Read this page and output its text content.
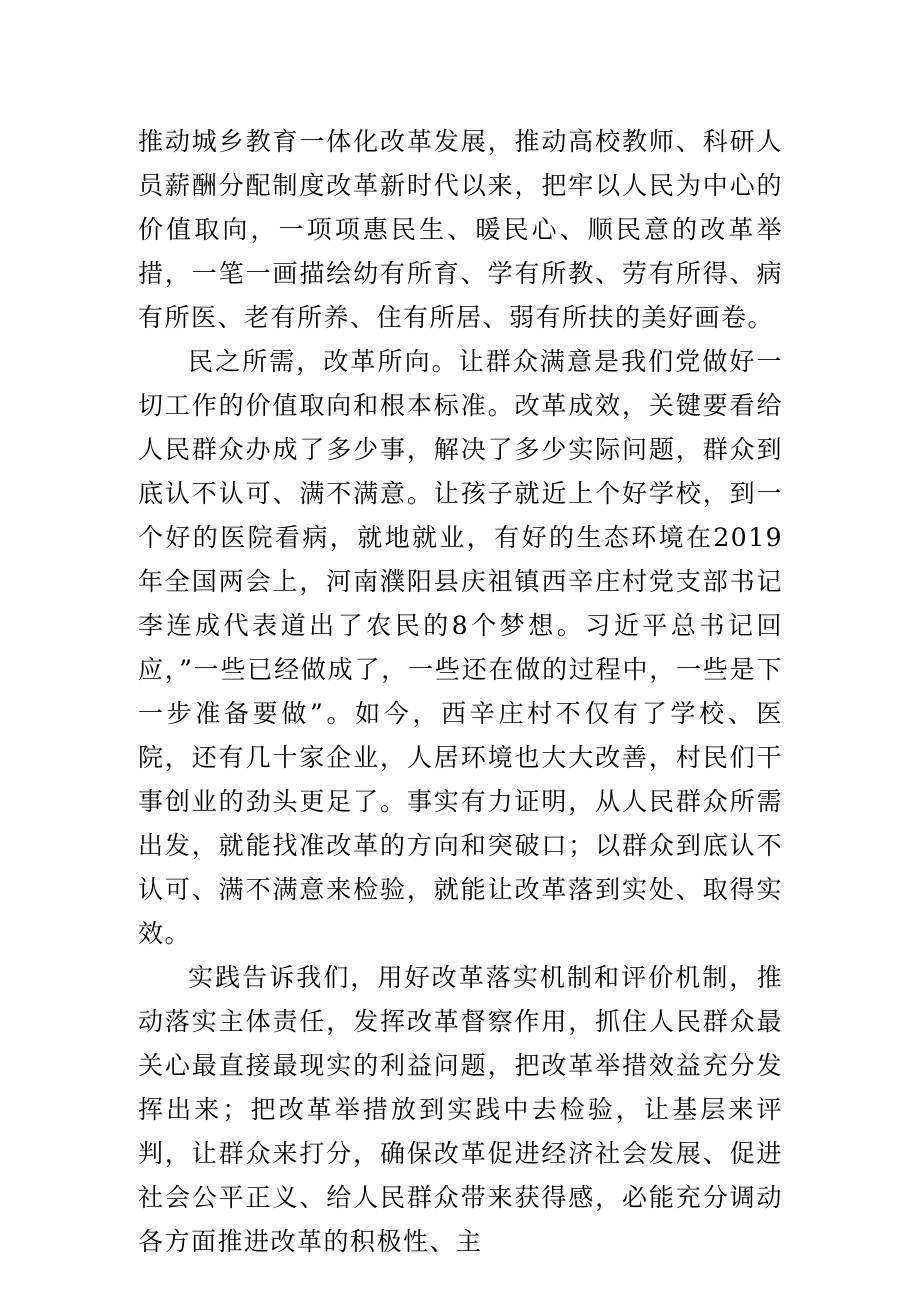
推动城乡教育一体化改革发展，推动高校教师、科研人员薪酬分配制度改革新时代以来，把牢以人民为中心的价值取向，一项项惠民生、暖民心、顺民意的改革举措，一笔一画描绘幼有所育、学有所教、劳有所得、病有所医、老有所养、住有所居、弱有所扶的美好画卷。

民之所需，改革所向。让群众满意是我们党做好一切工作的价值取向和根本标准。改革成效，关键要看给人民群众办成了多少事，解决了多少实际问题，群众到底认不认可、满不满意。让孩子就近上个好学校，到一个好的医院看病，就地就业，有好的生态环境在2019年全国两会上，河南濮阳县庆祖镇西辛庄村党支部书记李连成代表道出了农民的8个梦想。习近平总书记回应，”一些已经做成了，一些还在做的过程中，一些是下一步准备要做”。如今，西辛庄村不仅有了学校、医院，还有几十家企业，人居环境也大大改善，村民们干事创业的劲头更足了。事实有力证明，从人民群众所需出发，就能找准改革的方向和突破口；以群众到底认不认可、满不满意来检验，就能让改革落到实处、取得实效。

实践告诉我们，用好改革落实机制和评价机制，推动落实主体责任，发挥改革督察作用，抓住人民群众最关心最直接最现实的利益问题，把改革举措效益充分发挥出来；把改革举措放到实践中去检验，让基层来评判，让群众来打分，确保改革促进经济社会发展、促进社会公平正义、给人民群众带来获得感，必能充分调动各方面推进改革的积极性、主
